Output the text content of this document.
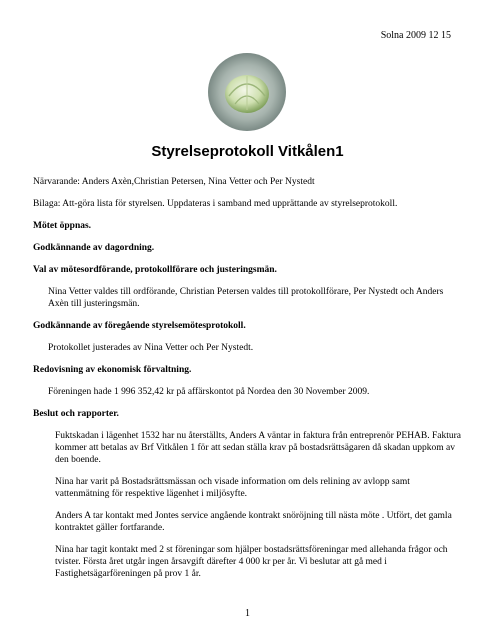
Solna 2009 12 15
Styrelseprotokoll Vitkålen1

Närvarande: Anders Axèn,Christian Petersen, Nina Vetter och Per Nystedt

Bilaga: Att-göra lista för styrelsen. Uppdateras i samband med upprättande av styrelseprotokoll.

Mötet öppnas.

Godkännande av dagordning.

Val av mötesordförande, protokollförare och justeringsmän.

Nina Vetter valdes till ordförande, Christian Petersen valdes till protokollförare, Per Nystedt och Anders Axèn till justeringsmän.

Godkännande av föregående styrelsemötesprotokoll.

Protokollet justerades av Nina Vetter och Per Nystedt.

Redovisning av ekonomisk förvaltning.

Föreningen hade 1 996 352,42 kr på affärskontot på Nordea den 30 November 2009.

Beslut och rapporter.

Fuktskadan i lägenhet 1532 har nu återställts, Anders A väntar in faktura från entreprenör PEHAB. Faktura kommer att betalas av Brf Vitkålen 1 för att sedan ställa krav på bostadsrättsägaren då skadan uppkom av den boende.

Nina har varit på Bostadsrättsmässan och visade information om dels relining av avlopp samt vattenmätning för respektive lägenhet i miljösyfte.

Anders A tar kontakt med Jontes service angående kontrakt snöröjning till nästa möte . Utfört, det gamla kontraktet gäller fortfarande.

Nina har tagit kontakt med 2 st föreningar som hjälper bostadsrättsföreningar med allehanda frågor och tvister. Första året utgår ingen årsavgift därefter 4 000 kr per år. Vi beslutar att gå med i Fastighetsägarföreningen på prov 1 år.

1
